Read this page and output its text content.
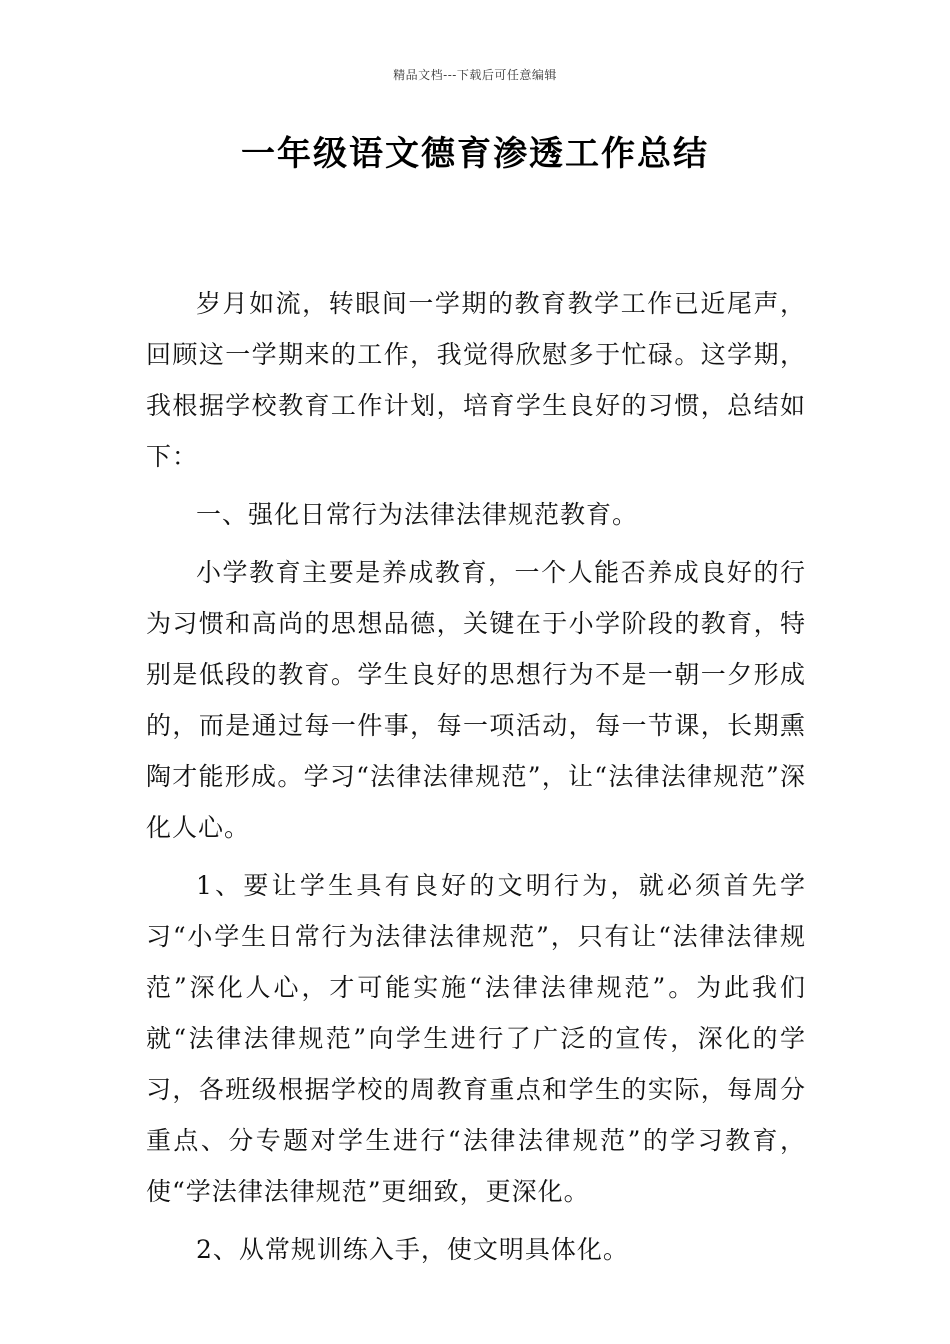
精品文档---下载后可任意编辑
一年级语文德育渗透工作总结

岁月如流，转眼间一学期的教育教学工作已近尾声，回顾这一学期来的工作，我觉得欣慰多于忙碌。这学期，我根据学校教育工作计划，培育学生良好的习惯，总结如下：

一、强化日常行为法律法律规范教育。

小学教育主要是养成教育，一个人能否养成良好的行为习惯和高尚的思想品德，关键在于小学阶段的教育，特别是低段的教育。学生良好的思想行为不是一朝一夕形成的，而是通过每一件事，每一项活动，每一节课，长期熏陶才能形成。学习“法律法律规范”，让“法律法律规范”深化人心。

1、要让学生具有良好的文明行为，就必须首先学习“小学生日常行为法律法律规范”，只有让“法律法律规范”深化人心，才可能实施“法律法律规范”。为此我们就“法律法律规范”向学生进行了广泛的宣传，深化的学习，各班级根据学校的周教育重点和学生的实际，每周分重点、分专题对学生进行“法律法律规范”的学习教育，使“学法律法律规范”更细致，更深化。

2、从常规训练入手，使文明具体化。
